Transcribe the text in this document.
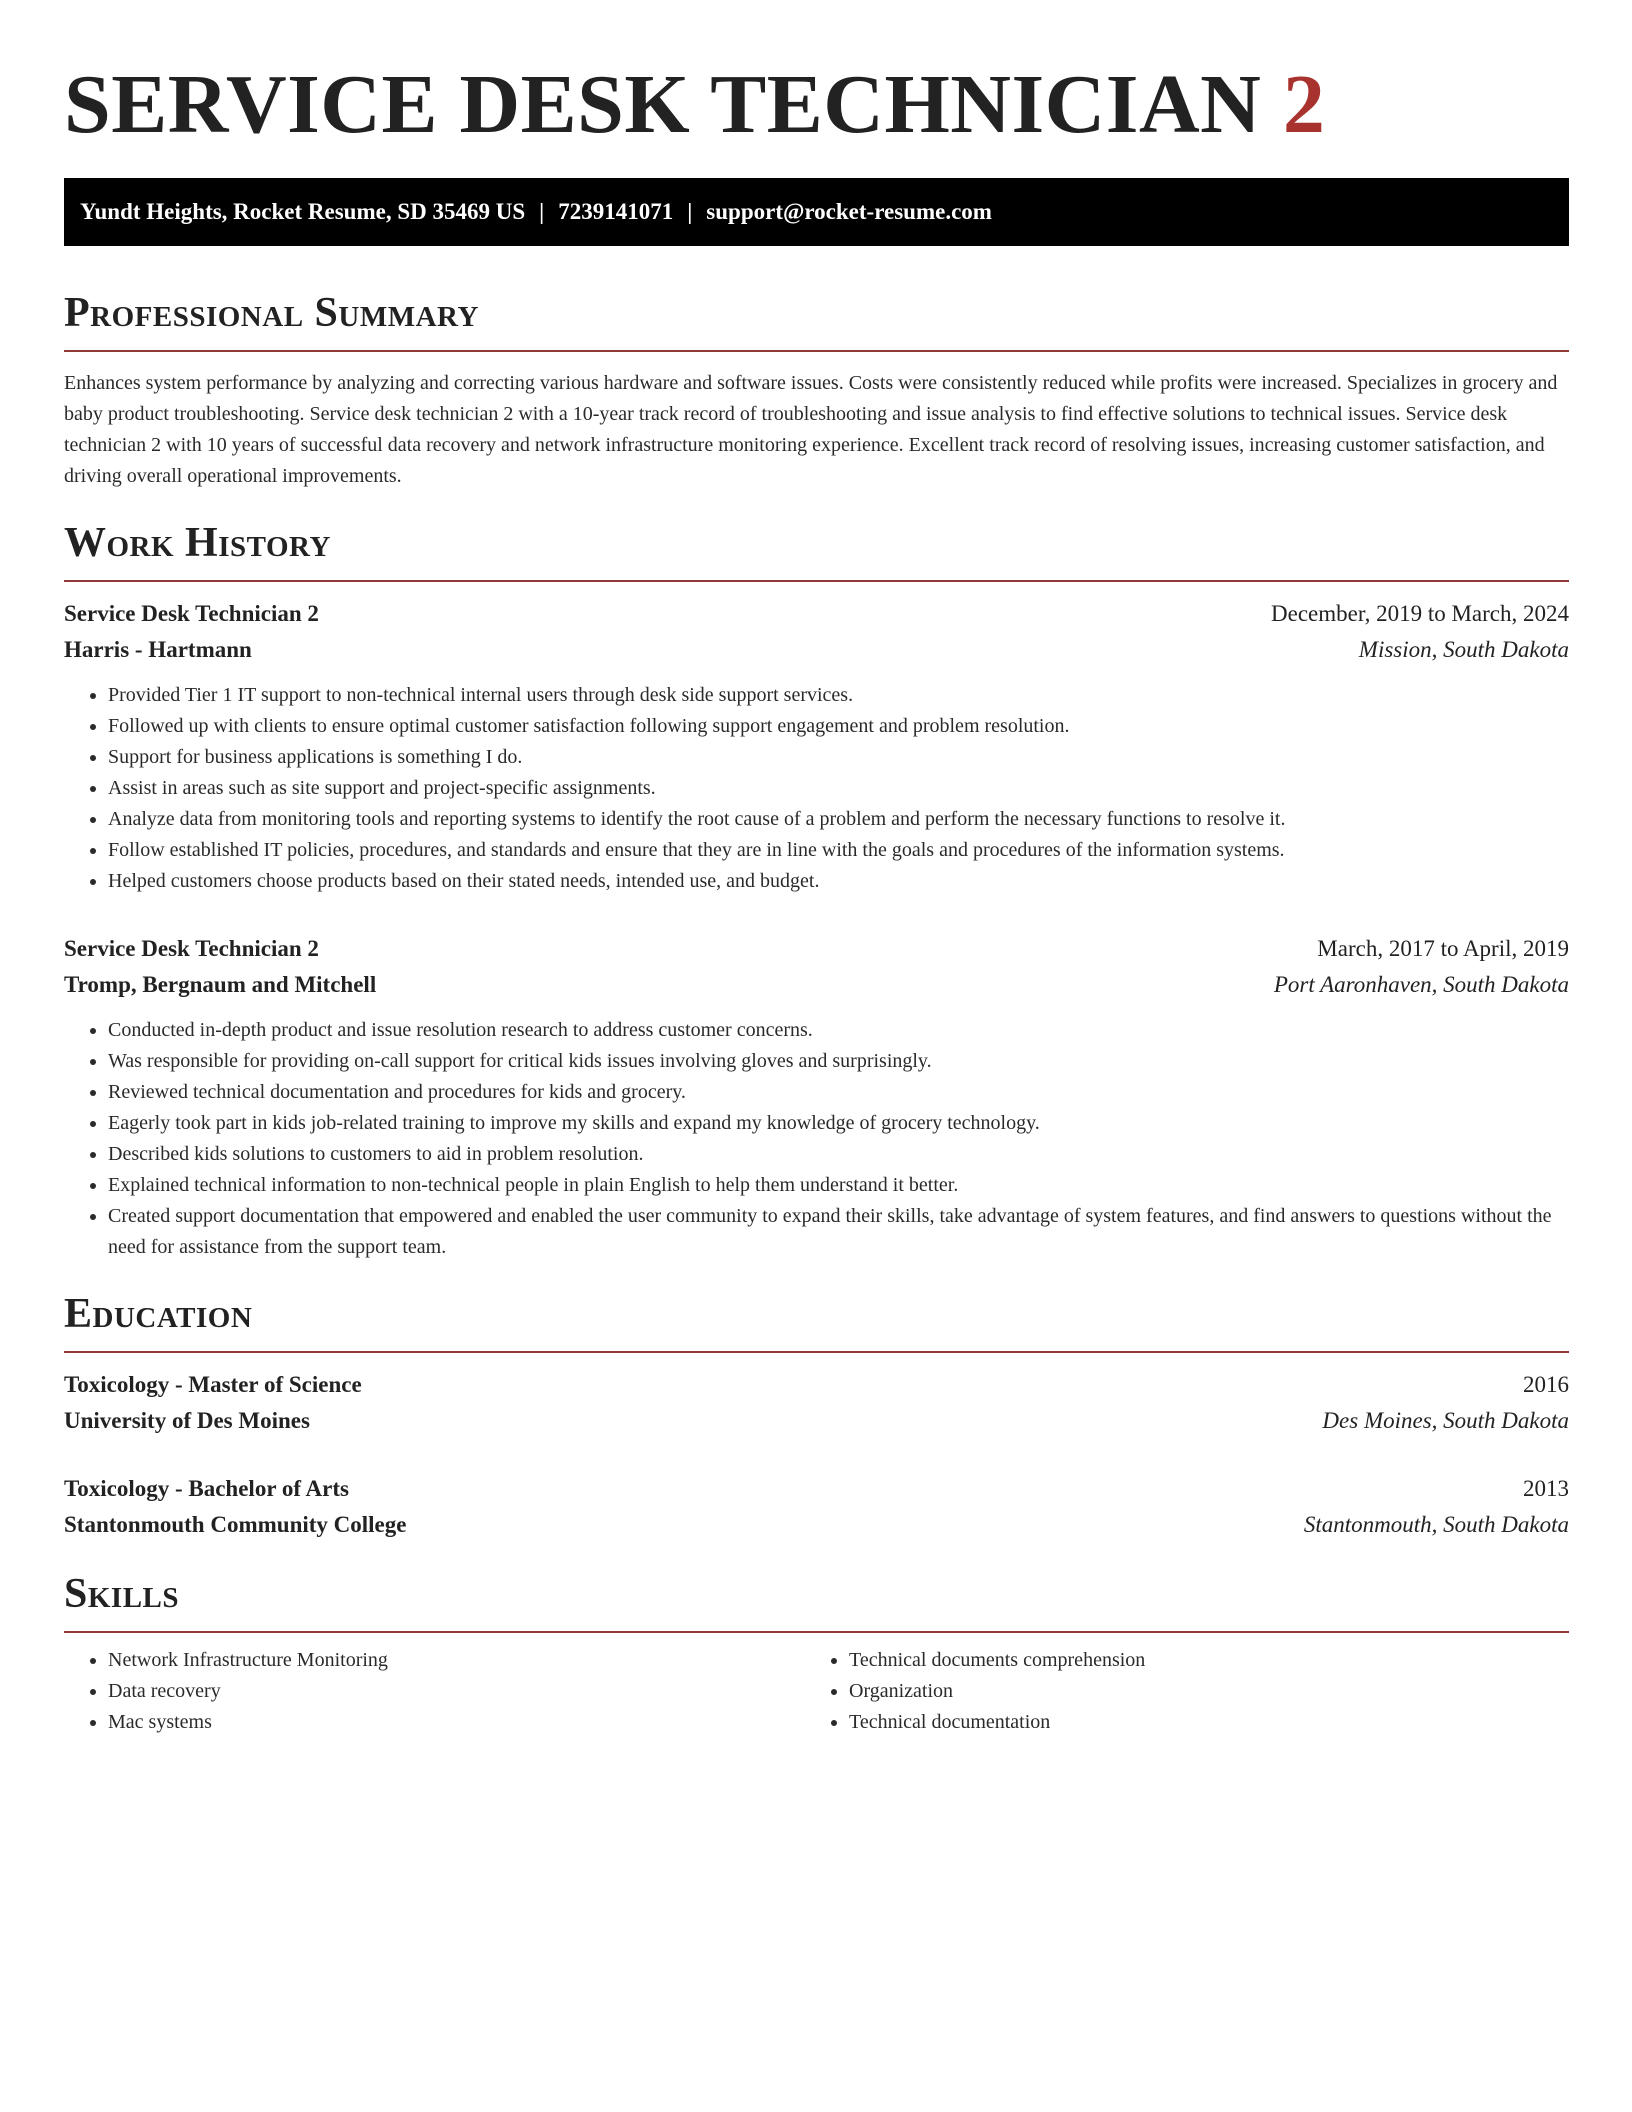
SERVICE DESK TECHNICIAN 2
Yundt Heights, Rocket Resume, SD 35469 US | 7239141071 | support@rocket-resume.com
Professional Summary

Enhances system performance by analyzing and correcting various hardware and software issues. Costs were consistently reduced while profits were increased. Specializes in grocery and baby product troubleshooting. Service desk technician 2 with a 10-year track record of troubleshooting and issue analysis to find effective solutions to technical issues. Service desk technician 2 with 10 years of successful data recovery and network infrastructure monitoring experience. Excellent track record of resolving issues, increasing customer satisfaction, and driving overall operational improvements.

Work History
Service Desk Technician 2	December, 2019 to March, 2024
Harris - Hartmann	Mission, South Dakota
• Provided Tier 1 IT support to non-technical internal users through desk side support services.
• Followed up with clients to ensure optimal customer satisfaction following support engagement and problem resolution.
• Support for business applications is something I do.
• Assist in areas such as site support and project-specific assignments.
• Analyze data from monitoring tools and reporting systems to identify the root cause of a problem and perform the necessary functions to resolve it.
• Follow established IT policies, procedures, and standards and ensure that they are in line with the goals and procedures of the information systems.
• Helped customers choose products based on their stated needs, intended use, and budget.
Service Desk Technician 2	March, 2017 to April, 2019
Tromp, Bergnaum and Mitchell	Port Aaronhaven, South Dakota
• Conducted in-depth product and issue resolution research to address customer concerns.
• Was responsible for providing on-call support for critical kids issues involving gloves and surprisingly.
• Reviewed technical documentation and procedures for kids and grocery.
• Eagerly took part in kids job-related training to improve my skills and expand my knowledge of grocery technology.
• Described kids solutions to customers to aid in problem resolution.
• Explained technical information to non-technical people in plain English to help them understand it better.
• Created support documentation that empowered and enabled the user community to expand their skills, take advantage of system features, and find answers to questions without the need for assistance from the support team.
Education
Toxicology - Master of Science	2016
University of Des Moines	Des Moines, South Dakota
Toxicology - Bachelor of Arts	2013
Stantonmouth Community College	Stantonmouth, South Dakota
Skills
• Network Infrastructure Monitoring
• Data recovery
• Mac systems
• Technical documents comprehension
• Organization
• Technical documentation
